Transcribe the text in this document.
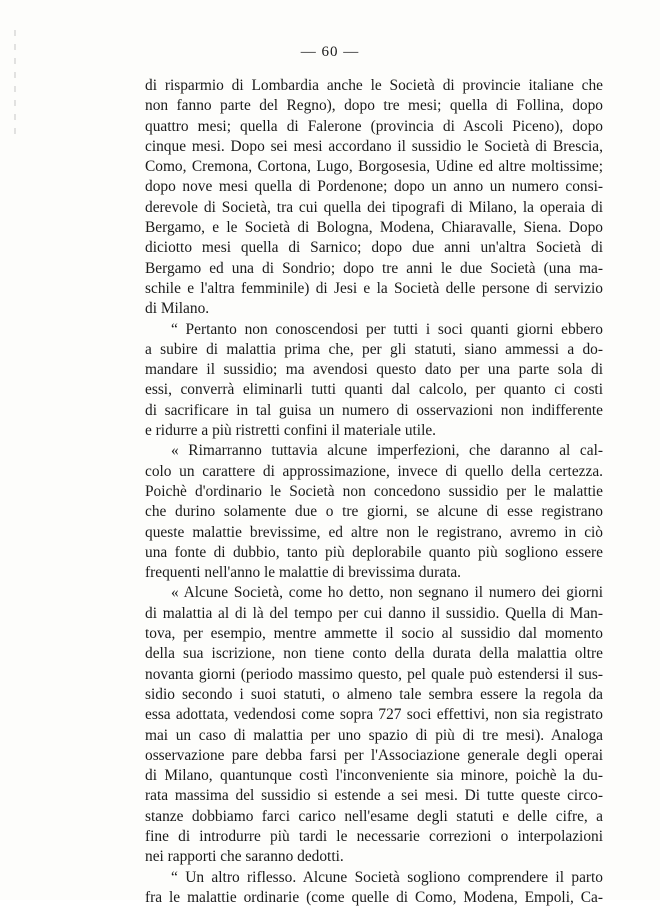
— 60 —
di risparmio di Lombardia anche le Società di provincie italiane che
non fanno parte del Regno), dopo tre mesi; quella di Follina, dopo
quattro mesi; quella di Falerone (provincia di Ascoli Piceno), dopo
cinque mesi. Dopo sei mesi accordano il sussidio le Società di Brescia,
Como, Cremona, Cortona, Lugo, Borgosesia, Udine ed altre moltissime;
dopo nove mesi quella di Pordenone; dopo un anno un numero consi-
derevole di Società, tra cui quella dei tipografi di Milano, la operaia di
Bergamo, e le Società di Bologna, Modena, Chiaravalle, Siena. Dopo
diciotto mesi quella di Sarnico; dopo due anni un'altra Società di
Bergamo ed una di Sondrio; dopo tre anni le due Società (una ma-
schile e l'altra femminile) di Jesi e la Società delle persone di servizio
di Milano.
“ Pertanto non conoscendosi per tutti i soci quanti giorni ebbero
a subire di malattia prima che, per gli statuti, siano ammessi a do-
mandare il sussidio; ma avendosi questo dato per una parte sola di
essi, converrà eliminarli tutti quanti dal calcolo, per quanto ci costi
di sacrificare in tal guisa un numero di osservazioni non indifferente
e ridurre a più ristretti confini il materiale utile.
« Rimarranno tuttavia alcune imperfezioni, che daranno al cal-
colo un carattere di approssimazione, invece di quello della certezza.
Poichè d'ordinario le Società non concedono sussidio per le malattie
che durino solamente due o tre giorni, se alcune di esse registrano
queste malattie brevissime, ed altre non le registrano, avremo in ciò
una fonte di dubbio, tanto più deplorabile quanto più sogliono essere
frequenti nell'anno le malattie di brevissima durata.
« Alcune Società, come ho detto, non segnano il numero dei giorni
di malattia al di là del tempo per cui danno il sussidio. Quella di Man-
tova, per esempio, mentre ammette il socio al sussidio dal momento
della sua iscrizione, non tiene conto della durata della malattia oltre
novanta giorni (periodo massimo questo, pel quale può estendersi il sus-
sidio secondo i suoi statuti, o almeno tale sembra essere la regola da
essa adottata, vedendosi come sopra 727 soci effettivi, non sia registrato
mai un caso di malattia per uno spazio di più di tre mesi). Analoga
osservazione pare debba farsi per l'Associazione generale degli operai
di Milano, quantunque costì l'inconveniente sia minore, poichè la du-
rata massima del sussidio si estende a sei mesi. Di tutte queste circo-
stanze dobbiamo farci carico nell'esame degli statuti e delle cifre, a
fine di introdurre più tardi le necessarie correzioni o interpolazioni
nei rapporti che saranno dedotti.
“ Un altro riflesso. Alcune Società sogliono comprendere il parto
fra le malattie ordinarie (come quelle di Como, Modena, Empoli, Ca-
